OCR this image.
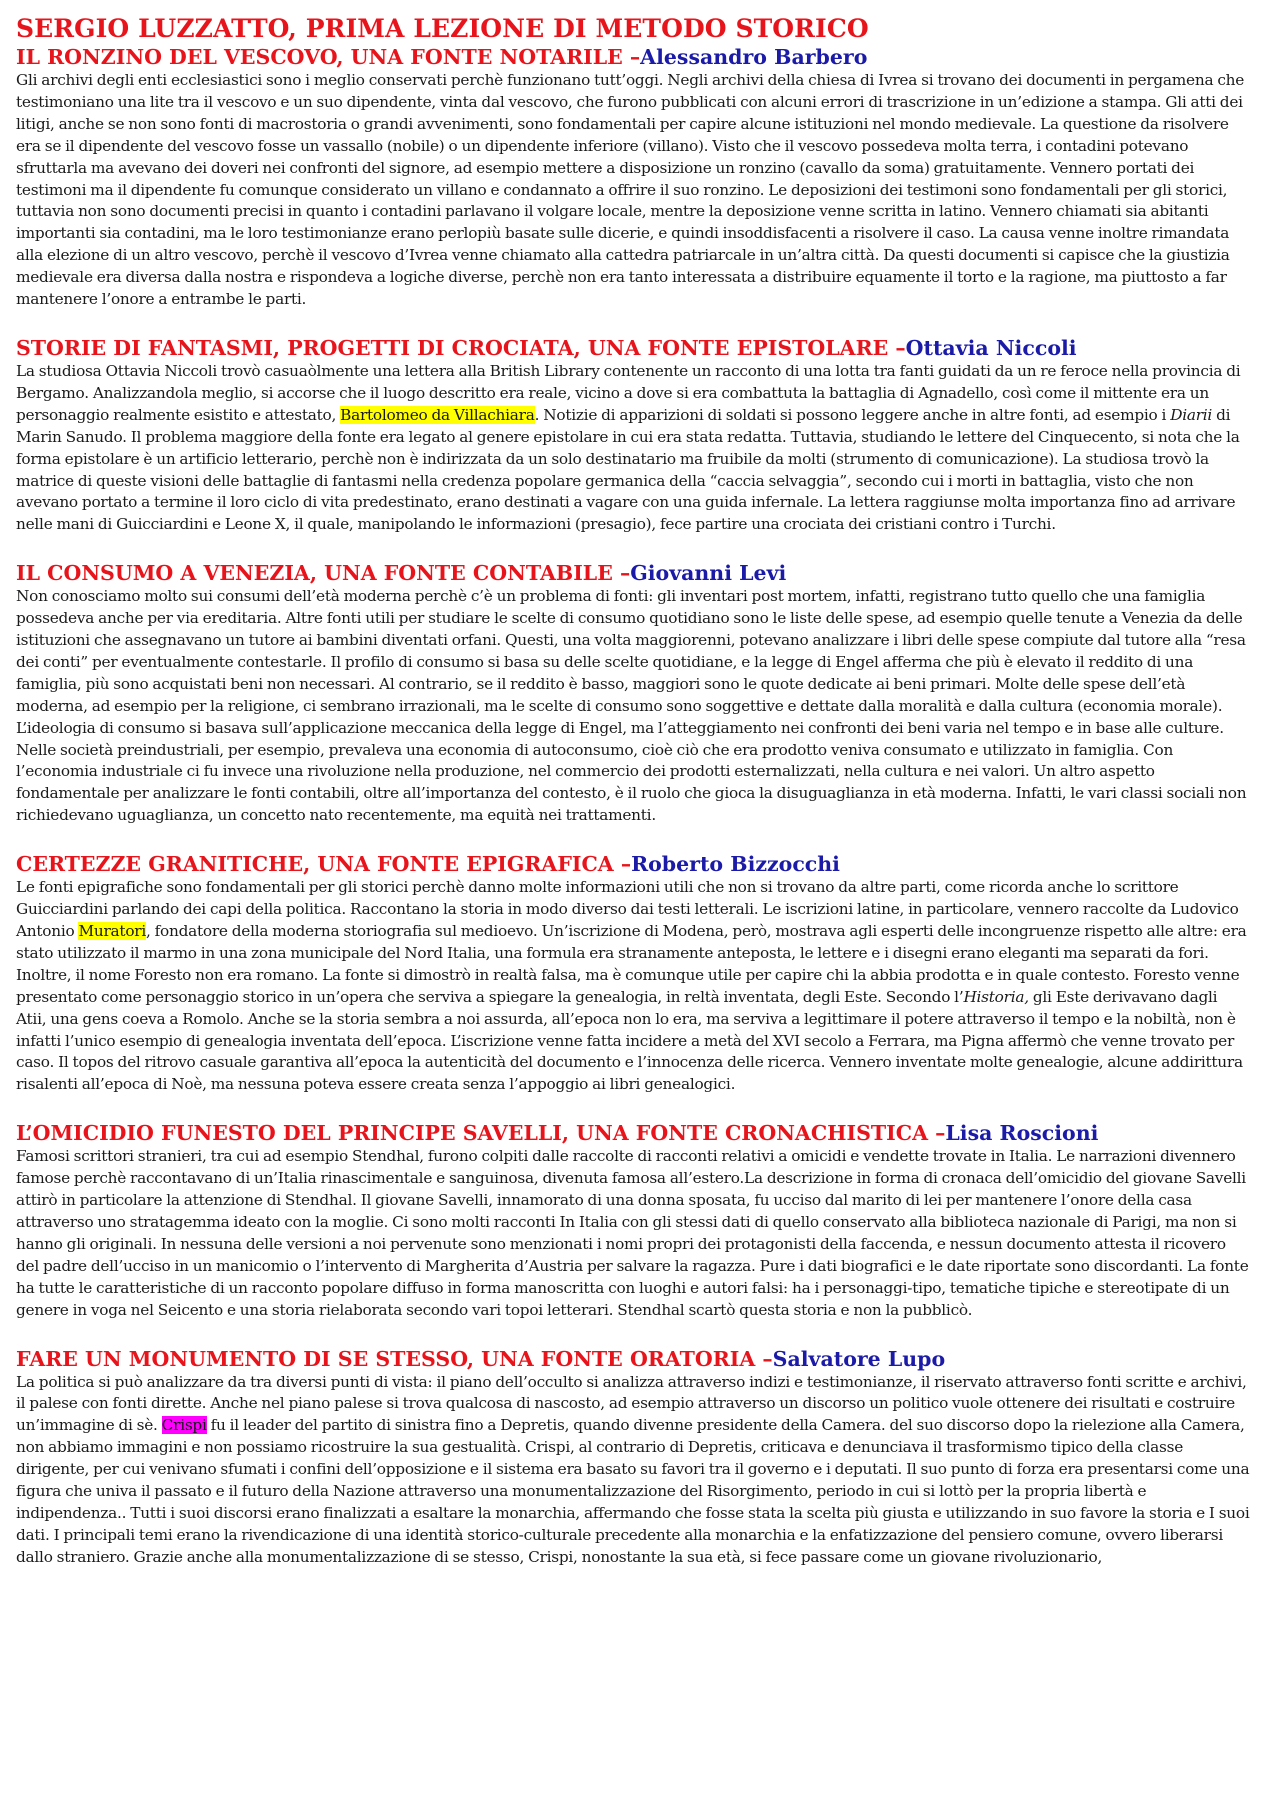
SERGIO LUZZATTO, PRIMA LEZIONE DI METODO STORICO
IL RONZINO DEL VESCOVO, UNA FONTE NOTARILE –Alessandro Barbero

Gli archivi degli enti ecclesiastici sono i meglio conservati perchè funzionano tutt’oggi. Negli archivi della chiesa di Ivrea si trovano dei documenti in pergamena che testimoniano una lite tra il vescovo e un suo dipendente, vinta dal vescovo, che furono pubblicati con alcuni errori di trascrizione in un’edizione a stampa. Gli atti dei litigi, anche se non sono fonti di macrostoria o grandi avvenimenti, sono fondamentali per capire alcune istituzioni nel mondo medievale. La questione da risolvere era se il dipendente del vescovo fosse un vassallo (nobile) o un dipendente inferiore (villano). Visto che il vescovo possedeva molta terra, i contadini potevano sfruttarla ma avevano dei doveri nei confronti del signore, ad esempio mettere a disposizione un ronzino (cavallo da soma) gratuitamente. Vennero portati dei testimoni ma il dipendente fu comunque considerato un villano e condannato a offrire il suo ronzino. Le deposizioni dei testimoni sono fondamentali per gli storici, tuttavia non sono documenti precisi in quanto i contadini parlavano il volgare locale, mentre la deposizione venne scritta in latino. Vennero chiamati sia abitanti importanti sia contadini, ma le loro testimonianze erano perlopiù basate sulle dicerie, e quindi insoddisfacenti a risolvere il caso. La causa venne inoltre rimandata alla elezione di un altro vescovo, perchè il vescovo d’Ivrea venne chiamato alla cattedra patriarcale in un’altra città. Da questi documenti si capisce che la giustizia medievale era diversa dalla nostra e rispondeva a logiche diverse, perchè non era tanto interessata a distribuire equamente il torto e la ragione, ma piuttosto a far mantenere l’onore a entrambe le parti.

STORIE DI FANTASMI, PROGETTI DI CROCIATA, UNA FONTE EPISTOLARE –Ottavia Niccoli

La studiosa Ottavia Niccoli trovò casuaòlmente una lettera alla British Library contenente un racconto di una lotta tra fanti guidati da un re feroce nella provincia di Bergamo. Analizzandola meglio, si accorse che il luogo descritto era reale, vicino a dove si era combattuta la battaglia di Agnadello, così come il mittente era un personaggio realmente esistito e attestato, Bartolomeo da Villachiara. Notizie di apparizioni di soldati si possono leggere anche in altre fonti, ad esempio i Diarii di Marin Sanudo. Il problema maggiore della fonte era legato al genere epistolare in cui era stata redatta. Tuttavia, studiando le lettere del Cinquecento, si nota che la forma epistolare è un artificio letterario, perchè non è indirizzata da un solo destinatario ma fruibile da molti (strumento di comunicazione). La studiosa trovò la matrice di queste visioni delle battaglie di fantasmi nella credenza popolare germanica della “caccia selvaggia”, secondo cui i morti in battaglia, visto che non avevano portato a termine il loro ciclo di vita predestinato, erano destinati a vagare con una guida infernale. La lettera raggiunse molta importanza fino ad arrivare nelle mani di Guicciardini e Leone X, il quale, manipolando le informazioni (presagio), fece partire una crociata dei cristiani contro i Turchi.

IL CONSUMO A VENEZIA, UNA FONTE CONTABILE –Giovanni Levi

Non conosciamo molto sui consumi dell’età moderna perchè c’è un problema di fonti: gli inventari post mortem, infatti, registrano tutto quello che una famiglia possedeva anche per via ereditaria. Altre fonti utili per studiare le scelte di consumo quotidiano sono le liste delle spese, ad esempio quelle tenute a Venezia da delle istituzioni che assegnavano un tutore ai bambini diventati orfani. Questi, una volta maggiorenni, potevano analizzare i libri delle spese compiute dal tutore alla “resa dei conti” per eventualmente contestarle. Il profilo di consumo si basa su delle scelte quotidiane, e la legge di Engel afferma che più è elevato il reddito di una famiglia, più sono acquistati beni non necessari. Al contrario, se il reddito è basso, maggiori sono le quote dedicate ai beni primari. Molte delle spese dell’età moderna, ad esempio per la religione, ci sembrano irrazionali, ma le scelte di consumo sono soggettive e dettate dalla moralità e dalla cultura (economia morale). L’ideologia di consumo si basava sull’applicazione meccanica della legge di Engel, ma l’atteggiamento nei confronti dei beni varia nel tempo e in base alle culture. Nelle società preindustriali, per esempio, prevaleva una economia di autoconsumo, cioè ciò che era prodotto veniva consumato e utilizzato in famiglia. Con l’economia industriale ci fu invece una rivoluzione nella produzione, nel commercio dei prodotti esternalizzati, nella cultura e nei valori. Un altro aspetto fondamentale per analizzare le fonti contabili, oltre all’importanza del contesto, è il ruolo che gioca la disuguaglianza in età moderna. Infatti, le vari classi sociali non richiedevano uguaglianza, un concetto nato recentemente, ma equità nei trattamenti.

CERTEZZE GRANITICHE, UNA FONTE EPIGRAFICA –Roberto Bizzocchi

Le fonti epigrafiche sono fondamentali per gli storici perchè danno molte informazioni utili che non si trovano da altre parti, come ricorda anche lo scrittore Guicciardini parlando dei capi della politica. Raccontano la storia in modo diverso dai testi letterali. Le iscrizioni latine, in particolare, vennero raccolte da Ludovico Antonio Muratori, fondatore della moderna storiografia sul medioevo. Un’iscrizione di Modena, però, mostrava agli esperti delle incongruenze rispetto alle altre: era stato utilizzato il marmo in una zona municipale del Nord Italia, una formula era stranamente anteposta, le lettere e i disegni erano eleganti ma separati da fori. Inoltre, il nome Foresto non era romano. La fonte si dimostrò in realtà falsa, ma è comunque utile per capire chi la abbia prodotta e in quale contesto. Foresto venne presentato come personaggio storico in un’opera che serviva a spiegare la genealogia, in reltà inventata, degli Este. Secondo l’Historia, gli Este derivavano dagli Atii, una gens coeva a Romolo. Anche se la storia sembra a noi assurda, all’epoca non lo era, ma serviva a legittimare il potere attraverso il tempo e la nobiltà, non è infatti l’unico esempio di genealogia inventata dell’epoca. L’iscrizione venne fatta incidere a metà del XVI secolo a Ferrara, ma Pigna affermò che venne trovato per caso. Il topos del ritrovo casuale garantiva all’epoca la autenticità del documento e l’innocenza delle ricerca. Vennero inventate molte genealogie, alcune addirittura risalenti all’epoca di Noè, ma nessuna poteva essere creata senza l’appoggio ai libri genealogici.

L’OMICIDIO FUNESTO DEL PRINCIPE SAVELLI, UNA FONTE CRONACHISTICA –Lisa Roscioni

Famosi scrittori stranieri, tra cui ad esempio Stendhal, furono colpiti dalle raccolte di racconti relativi a omicidi e vendette trovate in Italia. Le narrazioni divennero famose perchè raccontavano di un’Italia rinascimentale e sanguinosa, divenuta famosa all’estero.La descrizione in forma di cronaca dell’omicidio del giovane Savelli attirò in particolare la attenzione di Stendhal. Il giovane Savelli, innamorato di una donna sposata, fu ucciso dal marito di lei per mantenere l’onore della casa attraverso uno stratagemma ideato con la moglie. Ci sono molti racconti In Italia con gli stessi dati di quello conservato alla biblioteca nazionale di Parigi, ma non si hanno gli originali. In nessuna delle versioni a noi pervenute sono menzionati i nomi propri dei protagonisti della faccenda, e nessun documento attesta il ricovero del padre dell’ucciso in un manicomio o l’intervento di Margherita d’Austria per salvare la ragazza. Pure i dati biografici e le date riportate sono discordanti. La fonte ha tutte le caratteristiche di un racconto popolare diffuso in forma manoscritta con luoghi e autori falsi: ha i personaggi-tipo, tematiche tipiche e stereotipate di un genere in voga nel Seicento e una storia rielaborata secondo vari topoi letterari. Stendhal scartò questa storia e non la pubblicò.

FARE UN MONUMENTO DI SE STESSO, UNA FONTE ORATORIA –Salvatore Lupo

La politica si può analizzare da tra diversi punti di vista: il piano dell’occulto si analizza attraverso indizi e testimonianze, il riservato attraverso fonti scritte e archivi, il palese con fonti dirette. Anche nel piano palese si trova qualcosa di nascosto, ad esempio attraverso un discorso un politico vuole ottenere dei risultati e costruire un’immagine di sè. Crispi fu il leader del partito di sinistra fino a Depretis, quando divenne presidente della Camera. del suo discorso dopo la rielezione alla Camera, non abbiamo immagini e non possiamo ricostruire la sua gestualità. Crispi, al contrario di Depretis, criticava e denunciava il trasformismo tipico della classe dirigente, per cui venivano sfumati i confini dell’opposizione e il sistema era basato su favori tra il governo e i deputati. Il suo punto di forza era presentarsi come una figura che univa il passato e il futuro della Nazione attraverso una monumentalizzazione del Risorgimento, periodo in cui si lottò per la propria libertà e indipendenza.. Tutti i suoi discorsi erano finalizzati a esaltare la monarchia, affermando che fosse stata la scelta più giusta e utilizzando in suo favore la storia e I suoi dati. I principali temi erano la rivendicazione di una identità storico-culturale precedente alla monarchia e la enfatizzazione del pensiero comune, ovvero liberarsi dallo straniero. Grazie anche alla monumentalizzazione di se stesso, Crispi, nonostante la sua età, si fece passare come un giovane rivoluzionario,
